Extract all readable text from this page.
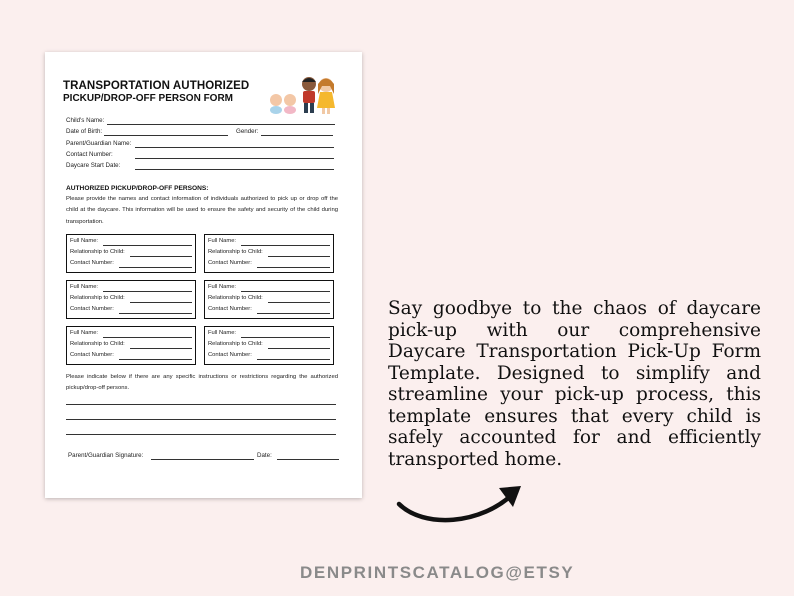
TRANSPORTATION AUTHORIZED
PICKUP/DROP-OFF PERSON FORM
Child's Name:
Date of Birth:	Gender:
Parent/Guardian Name:
Contact Number:
Daycare Start Date:
AUTHORIZED PICKUP/DROP-OFF PERSONS:
Please provide the names and contact information of individuals authorized to pick up or drop off the child at the daycare. This information will be used to ensure the safety and security of the child during transportation.
Full Name:
Relationship to Child:
Contact Number:
Full Name:
Relationship to Child:
Contact Number:
Full Name:
Relationship to Child:
Contact Number:
Full Name:
Relationship to Child:
Contact Number:
Full Name:
Relationship to Child:
Contact Number:
Full Name:
Relationship to Child:
Contact Number:
Please indicate below if there are any specific instructions or restrictions regarding the authorized pickup/drop-off persons.
Parent/Guardian Signature:	Date:
Say goodbye to the chaos of daycare pick-up with our comprehensive Daycare Transportation Pick-Up Form Template. Designed to simplify and streamline your pick-up process, this template ensures that every child is safely accounted for and efficiently transported home.
DENPRINTSCATALOG@ETSY
